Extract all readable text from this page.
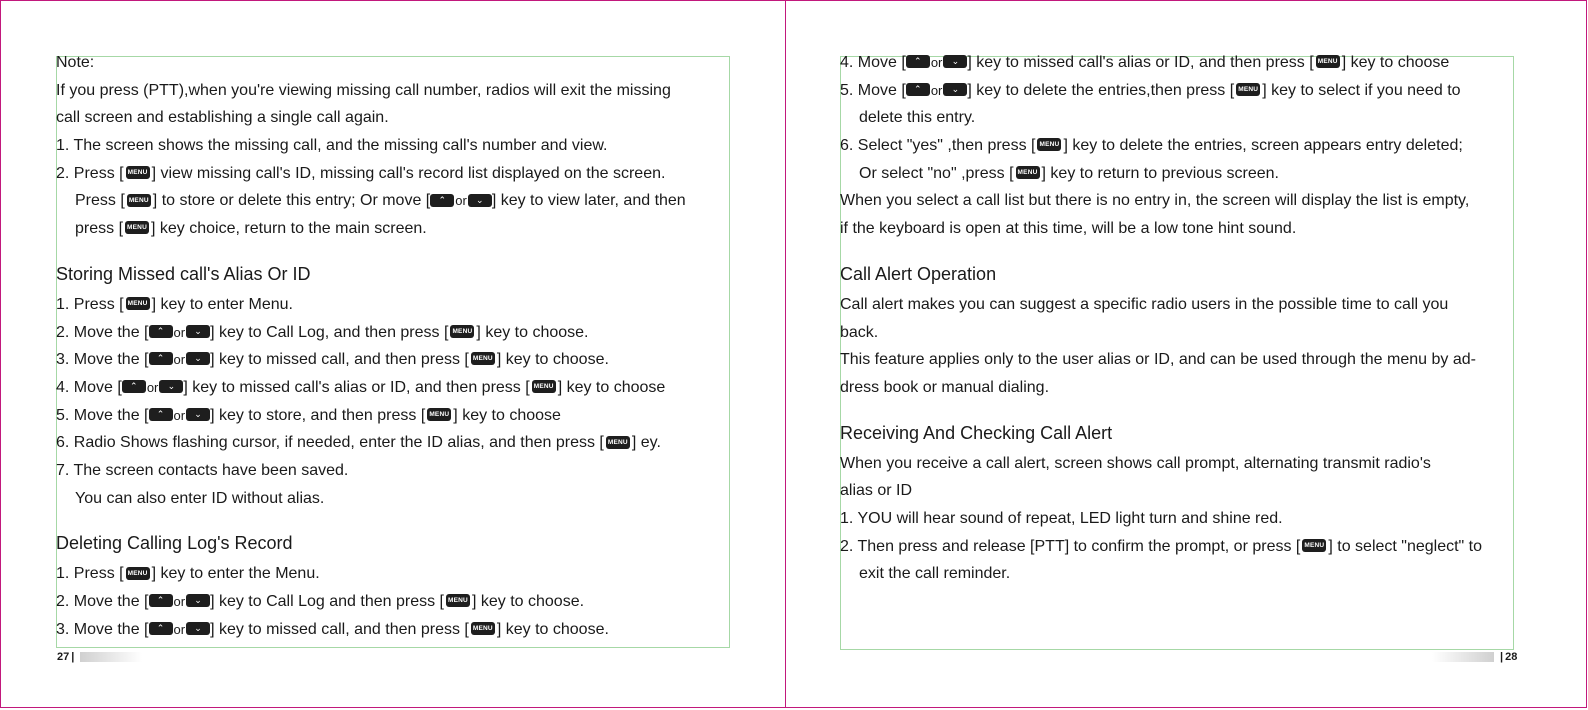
Note:
If you press (PTT),when you're viewing missing call number, radios will exit the missing
call screen and establishing a single call again.
1. The screen shows the missing call, and the missing call's number and view.
2. Press [ MENU ] view missing call's ID, missing call's record list displayed on the screen.
Press [ MENU ] to store or delete this entry; Or move [ ⌃ or ⌄ ] key to view later, and then
press [ MENU ] key choice, return to the main screen.
Storing Missed call's Alias Or ID
1. Press [ MENU ] key to enter Menu.
2. Move the [ ⌃ or ⌄ ] key to Call Log, and then press [ MENU ] key to choose.
3. Move the [ ⌃ or ⌄ ] key to missed call, and then press [ MENU ] key to choose.
4. Move [ ⌃ or ⌄ ] key to missed call's alias or ID, and then press [ MENU ] key to choose
5. Move the [ ⌃ or ⌄ ] key to store, and then press [ MENU ] key to choose
6. Radio Shows flashing cursor, if needed, enter the ID alias, and then press [ MENU ] ey.
7. The screen contacts have been saved.
You can also enter ID without alias.
Deleting Calling Log's Record
1. Press [ MENU ] key to enter the Menu.
2. Move the [ ⌃ or ⌄ ] key to Call Log and then press [ MENU ] key to choose.
3. Move the [ ⌃ or ⌄ ] key to missed call, and then press [ MENU ] key to choose.
4. Move [ ⌃ or ⌄ ] key to missed call's alias or ID, and then press [ MENU ] key to choose
5. Move [ ⌃ or ⌄ ] key to delete the entries,then press [ MENU ] key to select if you need to
delete this entry.
6. Select "yes" ,then press [ MENU ] key to delete the entries, screen appears entry deleted;
Or select "no" ,press [ MENU ] key to return to previous screen.
When you select a call list but there is no entry in, the screen will display the list is empty,
if the keyboard is open at this time, will be a low tone hint sound.
Call Alert Operation
Call alert makes you can suggest a specific radio users in the possible time to call you
back.
This feature applies only to the user alias or ID, and can be used through the menu by ad-
dress book or manual dialing.
Receiving And Checking Call Alert
When you receive a call alert, screen shows call prompt, alternating transmit radio's
alias or ID
1. YOU will hear sound of repeat, LED light turn and shine red.
2. Then press and release [PTT] to confirm the prompt, or press [ MENU ] to select "neglect" to
exit the call reminder.
27 |	| 28
